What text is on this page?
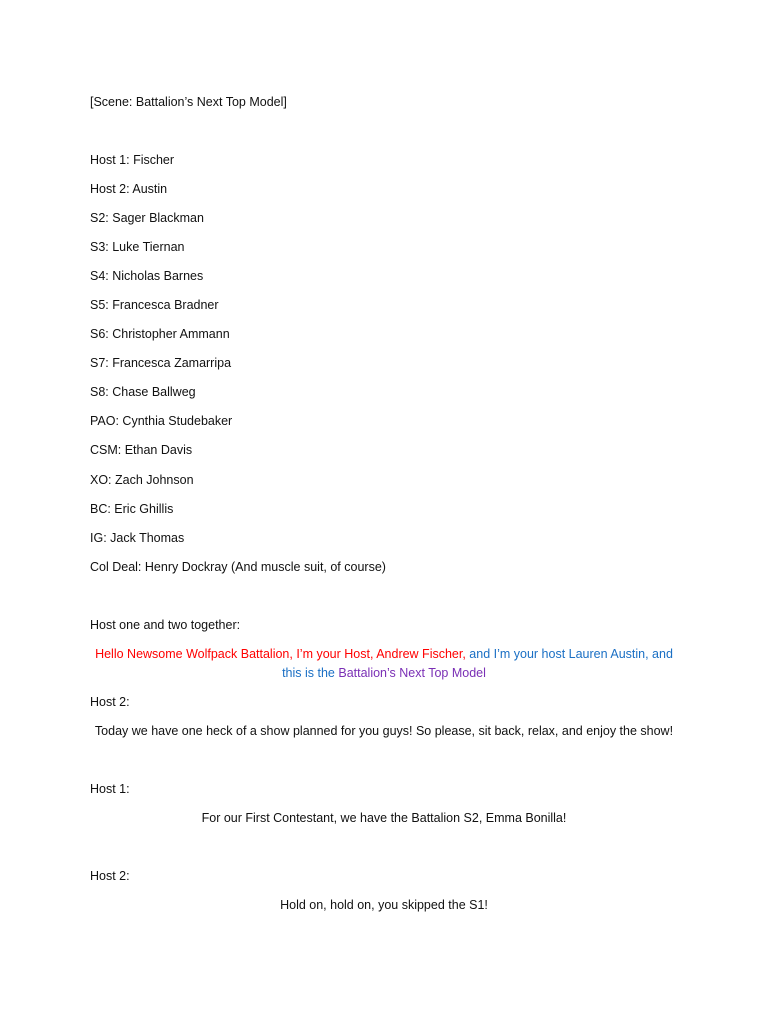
[Scene: Battalion’s Next Top Model]
Host 1: Fischer
Host 2: Austin
S2: Sager Blackman
S3: Luke Tiernan
S4: Nicholas Barnes
S5: Francesca Bradner
S6: Christopher Ammann
S7: Francesca Zamarripa
S8: Chase Ballweg
PAO: Cynthia Studebaker
CSM: Ethan Davis
XO: Zach Johnson
BC: Eric Ghillis
IG: Jack Thomas
Col Deal: Henry Dockray (And muscle suit, of course)
Host one and two together:
Hello Newsome Wolfpack Battalion, I’m your Host, Andrew Fischer, and I’m your host Lauren Austin, and
this is the Battalion’s Next Top Model
Host 2:
Today we have one heck of a show planned for you guys! So please, sit back, relax, and enjoy the show!
Host 1:
For our First Contestant, we have the Battalion S2, Emma Bonilla!
Host 2:
Hold on, hold on, you skipped the S1!
